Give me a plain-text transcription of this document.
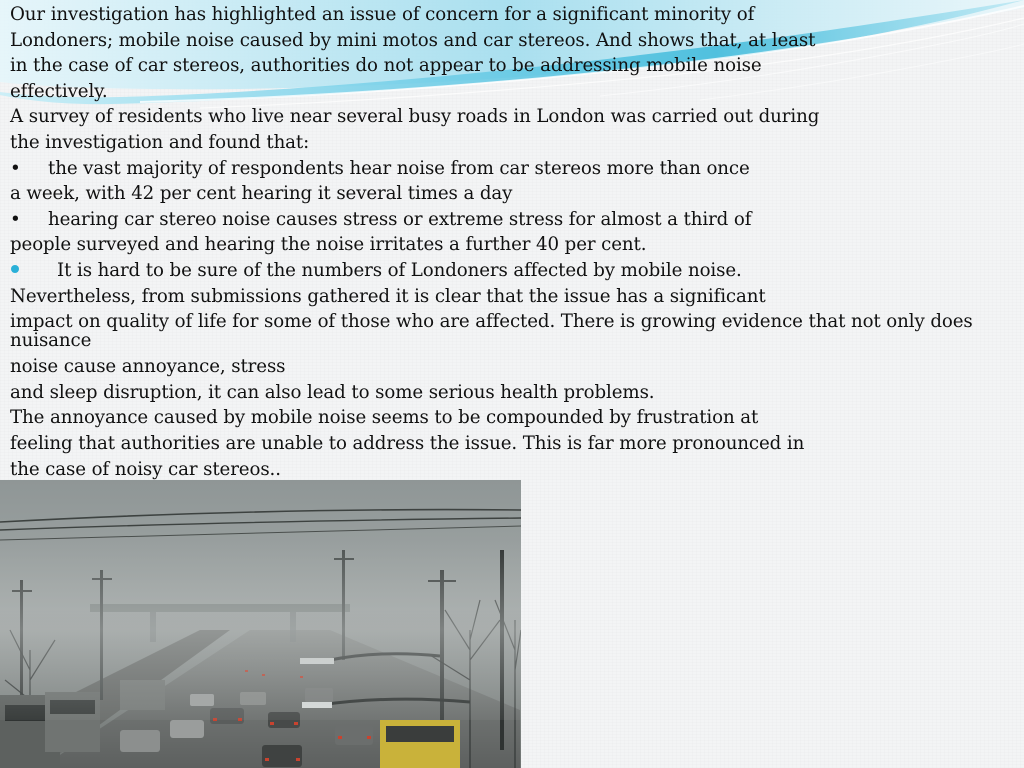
Our investigation has highlighted an issue of concern for a significant minority of
Londoners; mobile noise caused by mini motos and car stereos. And shows that, at least
in the case of car stereos, authorities do not appear to be addressing mobile noise
effectively.
A survey of residents who live near several busy roads in London was carried out during
the investigation and found that:
• the vast majority of respondents hear noise from car stereos more than once
a week, with 42 per cent hearing it several times a day
• hearing car stereo noise causes stress or extreme stress for almost a third of
people surveyed and hearing the noise irritates a further 40 per cent.
It is hard to be sure of the numbers of Londoners affected by mobile noise.
Nevertheless, from submissions gathered it is clear that the issue has a significant
impact on quality of life for some of those who are affected. There is growing evidence that not only does nuisance
noise cause annoyance, stress
and sleep disruption, it can also lead to some serious health problems.
The annoyance caused by mobile noise seems to be compounded by frustration at
feeling that authorities are unable to address the issue. This is far more pronounced in
the case of noisy car stereos..
